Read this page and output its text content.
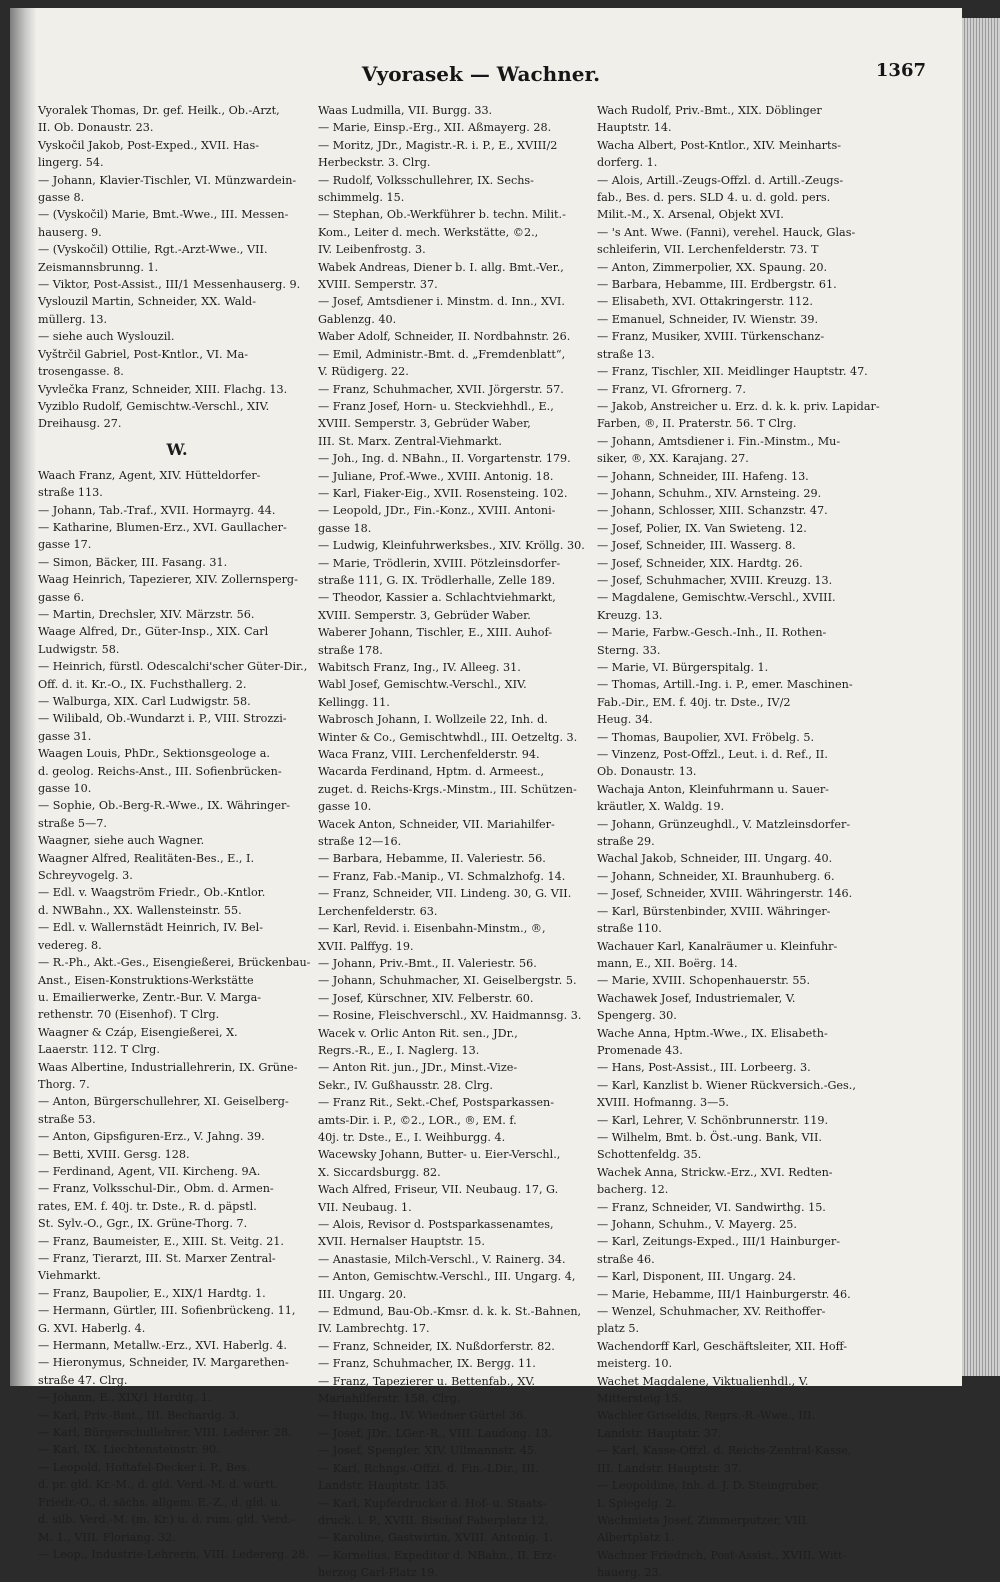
Vyorasek — Wachner.	1367
Vyoralek Thomas, Dr. gef. Heilk., Ob.-Arzt,
II. Ob. Donaustr. 23.
Vyskočil Jakob, Post-Exped., XVII. Has-
lingerg. 54.
— Johann, Klavier-Tischler, VI. Münzwardein-
gasse 8.
— (Vyskočil) Marie, Bmt.-Wwe., III. Messen-
hauserg. 9.
— (Vyskočil) Ottilie, Rgt.-Arzt-Wwe., VII.
Zeismannsbrunng. 1.
— Viktor, Post-Assist., III/1 Messenhauserg. 9.
Vyslouzil Martin, Schneider, XX. Wald-
müllerg. 13.
— siehe auch Wyslouzil.
Vyštrčil Gabriel, Post-Kntlor., VI. Ma-
trosengasse. 8.
Vyvlečka Franz, Schneider, XIII. Flachg. 13.
Vyziblo Rudolf, Gemischtw.-Verschl., XIV.
Dreihausg. 27.
W.
Waach Franz, Agent, XIV. Hütteldorfer-
straße 113.
— Johann, Tab.-Traf., XVII. Hormayrg. 44.
— Katharine, Blumen-Erz., XVI. Gaullacher-
gasse 17.
— Simon, Bäcker, III. Fasang. 31.
Waag Heinrich, Tapezierer, XIV. Zollernsperg-
gasse 6.
— Martin, Drechsler, XIV. Märzstr. 56.
Waage Alfred, Dr., Güter-Insp., XIX. Carl
Ludwigstr. 58.
— Heinrich, fürstl. Odescalchi'scher Güter-Dir.,
Off. d. it. Kr.-O., IX. Fuchsthallerg. 2.
— Walburga, XIX. Carl Ludwigstr. 58.
— Wilibald, Ob.-Wundarzt i. P., VIII. Strozzi-
gasse 31.
Waagen Louis, PhDr., Sektionsgeologe a.
d. geolog. Reichs-Anst., III. Sofienbrücken-
gasse 10.
— Sophie, Ob.-Berg-R.-Wwe., IX. Währinger-
straße 5—7.
Waagner, siehe auch Wagner.
Waagner Alfred, Realitäten-Bes., E., I.
Schreyvogelg. 3.
— Edl. v. Waagström Friedr., Ob.-Kntlor.
d. NWBahn., XX. Wallensteinstr. 55.
— Edl. v. Wallernstädt Heinrich, IV. Bel-
vedereg. 8.
— R.-Ph., Akt.-Ges., Eisengießerei, Brückenbau-
Anst., Eisen-Konstruktions-Werkstätte
u. Emailierwerke, Zentr.-Bur. V. Marga-
rethenstr. 70 (Eisenhof). T Clrg.
Waagner & Czáp, Eisengießerei, X.
Laaerstr. 112. T Clrg.
Waas Albertine, Industriallehrerin, IX. Grüne-
Thorg. 7.
— Anton, Bürgerschullehrer, XI. Geiselberg-
straße 53.
— Anton, Gipsfiguren-Erz., V. Jahng. 39.
— Betti, XVIII. Gersg. 128.
— Ferdinand, Agent, VII. Kircheng. 9A.
— Franz, Volksschul-Dir., Obm. d. Armen-
rates, EM. f. 40j. tr. Dste., R. d. päpstl.
St. Sylv.-O., Ggr., IX. Grüne-Thorg. 7.
— Franz, Baumeister, E., XIII. St. Veitg. 21.
— Franz, Tierarzt, III. St. Marxer Zentral-
Viehmarkt.
— Franz, Baupolier, E., XIX/1 Hardtg. 1.
— Hermann, Gürtler, III. Sofienbrückeng. 11,
G. XVI. Haberlg. 4.
— Hermann, Metallw.-Erz., XVI. Haberlg. 4.
— Hieronymus, Schneider, IV. Margarethen-
straße 47. Clrg.
— Johann, E., XIX/1 Hardtg. 1.
— Karl, Priv.-Bmt., III. Bechardg. 3.
— Karl, Bürgerschullehrer, VIII. Lederer. 28.
— Karl, IX. Liechtensteinstr. 90.
— Leopold, Hoftafel-Decker i. P., Bes.
d. pr. gld. Kr.-M., d. gld. Verd.-M. d. württ.
Friedr.-O., d. sächs. allgem. E.-Z., d. gld. u.
d. silb. Verd.-M. (m. Kr.) u. d. rum. gld. Verd.-
M. 1., VIII. Floriang. 32.
— Leop., Industrie-Lehrerin, VIII. Ledererg. 28.
Waas Ludmilla, VII. Burgg. 33.
— Marie, Einsp.-Erg., XII. Aßmayerg. 28.
— Moritz, JDr., Magistr.-R. i. P., E., XVIII/2
Herbeckstr. 3. Clrg.
— Rudolf, Volksschullehrer, IX. Sechs-
schimmelg. 15.
— Stephan, Ob.-Werkführer b. techn. Milit.-
Kom., Leiter d. mech. Werkstätte, ©2.,
IV. Leibenfrostg. 3.
Wabek Andreas, Diener b. I. allg. Bmt.-Ver.,
XVIII. Semperstr. 37.
— Josef, Amtsdiener i. Minstm. d. Inn., XVI.
Gablenzg. 40.
Waber Adolf, Schneider, II. Nordbahnstr. 26.
— Emil, Administr.-Bmt. d. „Fremdenblatt“,
V. Rüdigerg. 22.
— Franz, Schuhmacher, XVII. Jörgerstr. 57.
— Franz Josef, Horn- u. Steckviehhdl., E.,
XVIII. Semperstr. 3, Gebrüder Waber,
III. St. Marx. Zentral-Viehmarkt.
— Joh., Ing. d. NBahn., II. Vorgartenstr. 179.
— Juliane, Prof.-Wwe., XVIII. Antonig. 18.
— Karl, Fiaker-Eig., XVII. Rosensteing. 102.
— Leopold, JDr., Fin.-Konz., XVIII. Antoni-
gasse 18.
— Ludwig, Kleinfuhrwerksbes., XIV. Kröllg. 30.
— Marie, Trödlerin, XVIII. Pötzleinsdorfer-
straße 111, G. IX. Trödlerhalle, Zelle 189.
— Theodor, Kassier a. Schlachtviehmarkt,
XVIII. Semperstr. 3, Gebrüder Waber.
Waberer Johann, Tischler, E., XIII. Auhof-
straße 178.
Wabitsch Franz, Ing., IV. Alleeg. 31.
Wabl Josef, Gemischtw.-Verschl., XIV.
Kellingg. 11.
Wabrosch Johann, I. Wollzeile 22, Inh. d.
Winter & Co., Gemischtwhdl., III. Oetzeltg. 3.
Waca Franz, VIII. Lerchenfelderstr. 94.
Wacarda Ferdinand, Hptm. d. Armeest.,
zuget. d. Reichs-Krgs.-Minstm., III. Schützen-
gasse 10.
Wacek Anton, Schneider, VII. Mariahilfer-
straße 12—16.
— Barbara, Hebamme, II. Valeriestr. 56.
— Franz, Fab.-Manip., VI. Schmalzhofg. 14.
— Franz, Schneider, VII. Lindeng. 30, G. VII.
Lerchenfelderstr. 63.
— Karl, Revid. i. Eisenbahn-Minstm., ®,
XVII. Palffyg. 19.
— Johann, Priv.-Bmt., II. Valeriestr. 56.
— Johann, Schuhmacher, XI. Geiselbergstr. 5.
— Josef, Kürschner, XIV. Felberstr. 60.
— Rosine, Fleischverschl., XV. Haidmannsg. 3.
Wacek v. Orlic Anton Rit. sen., JDr.,
Regrs.-R., E., I. Naglerg. 13.
— Anton Rit. jun., JDr., Minst.-Vize-
Sekr., IV. Gußhausstr. 28. Clrg.
— Franz Rit., Sekt.-Chef, Postsparkassen-
amts-Dir. i. P., ©2., LOR., ®, EM. f.
40j. tr. Dste., E., I. Weihburgg. 4.
Wacewsky Johann, Butter- u. Eier-Verschl.,
X. Siccardsburgg. 82.
Wach Alfred, Friseur, VII. Neubaug. 17, G.
VII. Neubaug. 1.
— Alois, Revisor d. Postsparkassenamtes,
XVII. Hernalser Hauptstr. 15.
— Anastasie, Milch-Verschl., V. Rainerg. 34.
— Anton, Gemischtw.-Verschl., III. Ungarg. 4,
III. Ungarg. 20.
— Edmund, Bau-Ob.-Kmsr. d. k. k. St.-Bahnen,
IV. Lambrechtg. 17.
— Franz, Schneider, IX. Nußdorferstr. 82.
— Franz, Schuhmacher, IX. Bergg. 11.
— Franz, Tapezierer u. Bettenfab., XV.
Mariahilferstr. 158. Clrg.
— Hugo, Ing., IV. Wiedner Gürtel 36.
— Josef, JDr., LGer.-R., VIII. Laudong. 13.
— Josef, Spengler, XIV. Ullmannstr. 45.
— Karl, Rchngs.-Offzl. d. Fin.-LDir., III.
Landstr. Hauptstr. 135.
— Karl, Kupferdrucker d. Hof- u. Staats-
druck. i. P., XVIII. Bischof Faberplatz 12.
— Karoline, Gastwirtin, XVIII. Antonig. 1.
— Kornelius, Expeditor d. NBahn., II. Erz-
herzog Carl-Platz 19.
Wach Rudolf, Priv.-Bmt., XIX. Döblinger
Hauptstr. 14.
Wacha Albert, Post-Kntlor., XIV. Meinharts-
dorferg. 1.
— Alois, Artill.-Zeugs-Offzl. d. Artill.-Zeugs-
fab., Bes. d. pers. SLD 4. u. d. gold. pers.
Milit.-M., X. Arsenal, Objekt XVI.
— 's Ant. Wwe. (Fanni), verehel. Hauck, Glas-
schleiferin, VII. Lerchenfelderstr. 73. T
— Anton, Zimmerpolier, XX. Spaung. 20.
— Barbara, Hebamme, III. Erdbergstr. 61.
— Elisabeth, XVI. Ottakringerstr. 112.
— Emanuel, Schneider, IV. Wienstr. 39.
— Franz, Musiker, XVIII. Türkenschanz-
straße 13.
— Franz, Tischler, XII. Meidlinger Hauptstr. 47.
— Franz, VI. Gfrornerg. 7.
— Jakob, Anstreicher u. Erz. d. k. k. priv. Lapidar-
Farben, ®, II. Praterstr. 56. T Clrg.
— Johann, Amtsdiener i. Fin.-Minstm., Mu-
siker, ®, XX. Karajang. 27.
— Johann, Schneider, III. Hafeng. 13.
— Johann, Schuhm., XIV. Arnsteing. 29.
— Johann, Schlosser, XIII. Schanzstr. 47.
— Josef, Polier, IX. Van Swieteng. 12.
— Josef, Schneider, III. Wasserg. 8.
— Josef, Schneider, XIX. Hardtg. 26.
— Josef, Schuhmacher, XVIII. Kreuzg. 13.
— Magdalene, Gemischtw.-Verschl., XVIII.
Kreuzg. 13.
— Marie, Farbw.-Gesch.-Inh., II. Rothen-
Sterng. 33.
— Marie, VI. Bürgerspitalg. 1.
— Thomas, Artill.-Ing. i. P., emer. Maschinen-
Fab.-Dir., EM. f. 40j. tr. Dste., IV/2
Heug. 34.
— Thomas, Baupolier, XVI. Fröbelg. 5.
— Vinzenz, Post-Offzl., Leut. i. d. Ref., II.
Ob. Donaustr. 13.
Wachaja Anton, Kleinfuhrmann u. Sauer-
kräutler, X. Waldg. 19.
— Johann, Grünzeughdl., V. Matzleinsdorfer-
straße 29.
Wachal Jakob, Schneider, III. Ungarg. 40.
— Johann, Schneider, XI. Braunhuberg. 6.
— Josef, Schneider, XVIII. Währingerstr. 146.
— Karl, Bürstenbinder, XVIII. Währinger-
straße 110.
Wachauer Karl, Kanalräumer u. Kleinfuhr-
mann, E., XII. Boërg. 14.
— Marie, XVIII. Schopenhauerstr. 55.
Wachawek Josef, Industriemaler, V.
Spengerg. 30.
Wache Anna, Hptm.-Wwe., IX. Elisabeth-
Promenade 43.
— Hans, Post-Assist., III. Lorbeerg. 3.
— Karl, Kanzlist b. Wiener Rückversich.-Ges.,
XVIII. Hofmanng. 3—5.
— Karl, Lehrer, V. Schönbrunnerstr. 119.
— Wilhelm, Bmt. b. Öst.-ung. Bank, VII.
Schottenfeldg. 35.
Wachek Anna, Strickw.-Erz., XVI. Redten-
bacherg. 12.
— Franz, Schneider, VI. Sandwirthg. 15.
— Johann, Schuhm., V. Mayerg. 25.
— Karl, Zeitungs-Exped., III/1 Hainburger-
straße 46.
— Karl, Disponent, III. Ungarg. 24.
— Marie, Hebamme, III/1 Hainburgerstr. 46.
— Wenzel, Schuhmacher, XV. Reithoffer-
platz 5.
Wachendorff Karl, Geschäftsleiter, XII. Hoff-
meisterg. 10.
Wachet Magdalene, Viktualienhdl., V.
Mittersteig 15.
Wachler Griseldis, Regrs.-R.-Wwe., III.
Landstr. Hauptstr. 37.
— Karl, Kasse-Offzl. d. Reichs-Zentral-Kasse,
III. Landstr. Hauptstr. 37.
— Leopoldine, Inh. d. J. D. Steingruber,
I. Spiegelg. 2.
Wachmieta Josef, Zimmerputzer, VIII.
Albertplatz 1.
Wachner Friedrich, Post-Assist., XVIII. Witt-
hauerg. 23.
